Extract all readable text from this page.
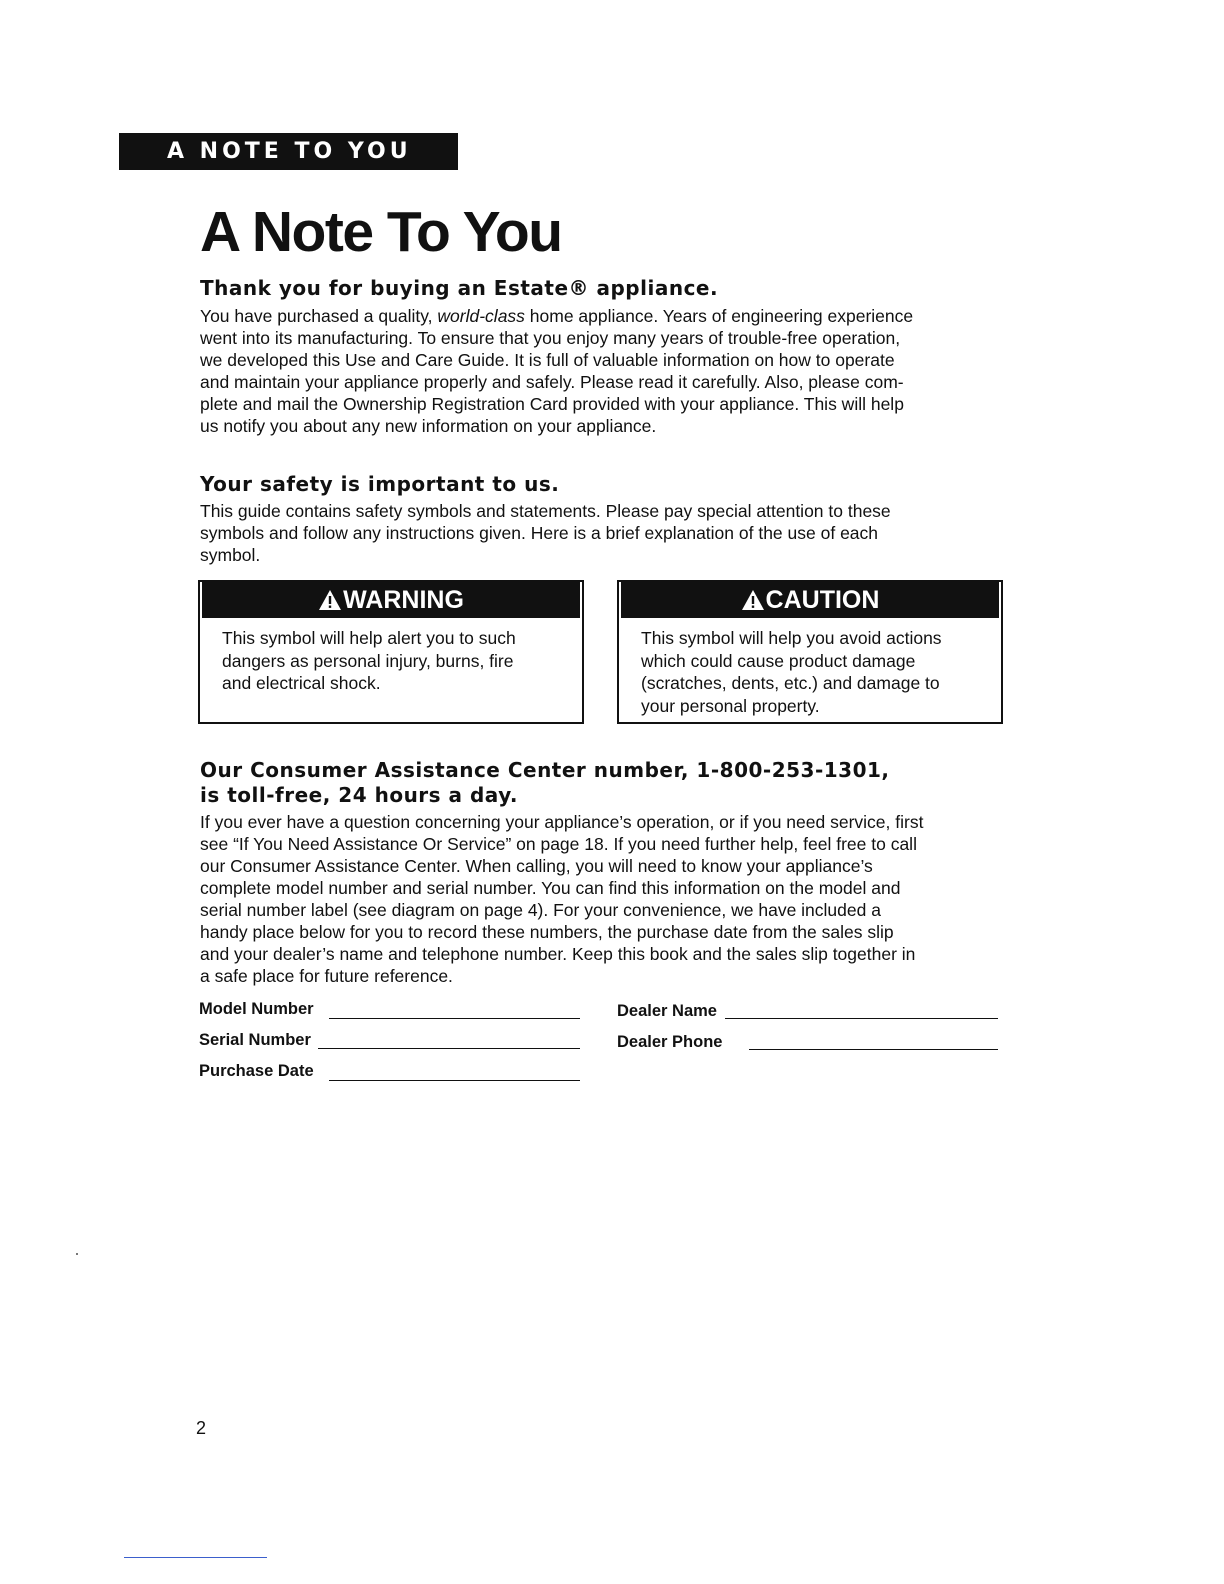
A NOTE TO YOU
A Note To You
Thank you for buying an Estate® appliance.
You have purchased a quality, world-class home appliance. Years of engineering experience
went into its manufacturing. To ensure that you enjoy many years of trouble-free operation,
we developed this Use and Care Guide. It is full of valuable information on how to operate
and maintain your appliance properly and safely. Please read it carefully. Also, please com-
plete and mail the Ownership Registration Card provided with your appliance. This will help
us notify you about any new information on your appliance.
Your safety is important to us.
This guide contains safety symbols and statements. Please pay special attention to these
symbols and follow any instructions given. Here is a brief explanation of the use of each
symbol.
WARNING
This symbol will help alert you to such
dangers as personal injury, burns, fire
and electrical shock.
CAUTION
This symbol will help you avoid actions
which could cause product damage
(scratches, dents, etc.) and damage to
your personal property.
Our Consumer Assistance Center number, 1-800-253-1301,
is toll-free, 24 hours a day.
If you ever have a question concerning your appliance’s operation, or if you need service, first
see “If You Need Assistance Or Service” on page 18. If you need further help, feel free to call
our Consumer Assistance Center. When calling, you will need to know your appliance’s
complete model number and serial number. You can find this information on the model and
serial number label (see diagram on page 4). For your convenience, we have included a
handy place below for you to record these numbers, the purchase date from the sales slip
and your dealer’s name and telephone number. Keep this book and the sales slip together in
a safe place for future reference.
Model Number
Serial Number
Purchase Date
Dealer Name
Dealer Phone
2
